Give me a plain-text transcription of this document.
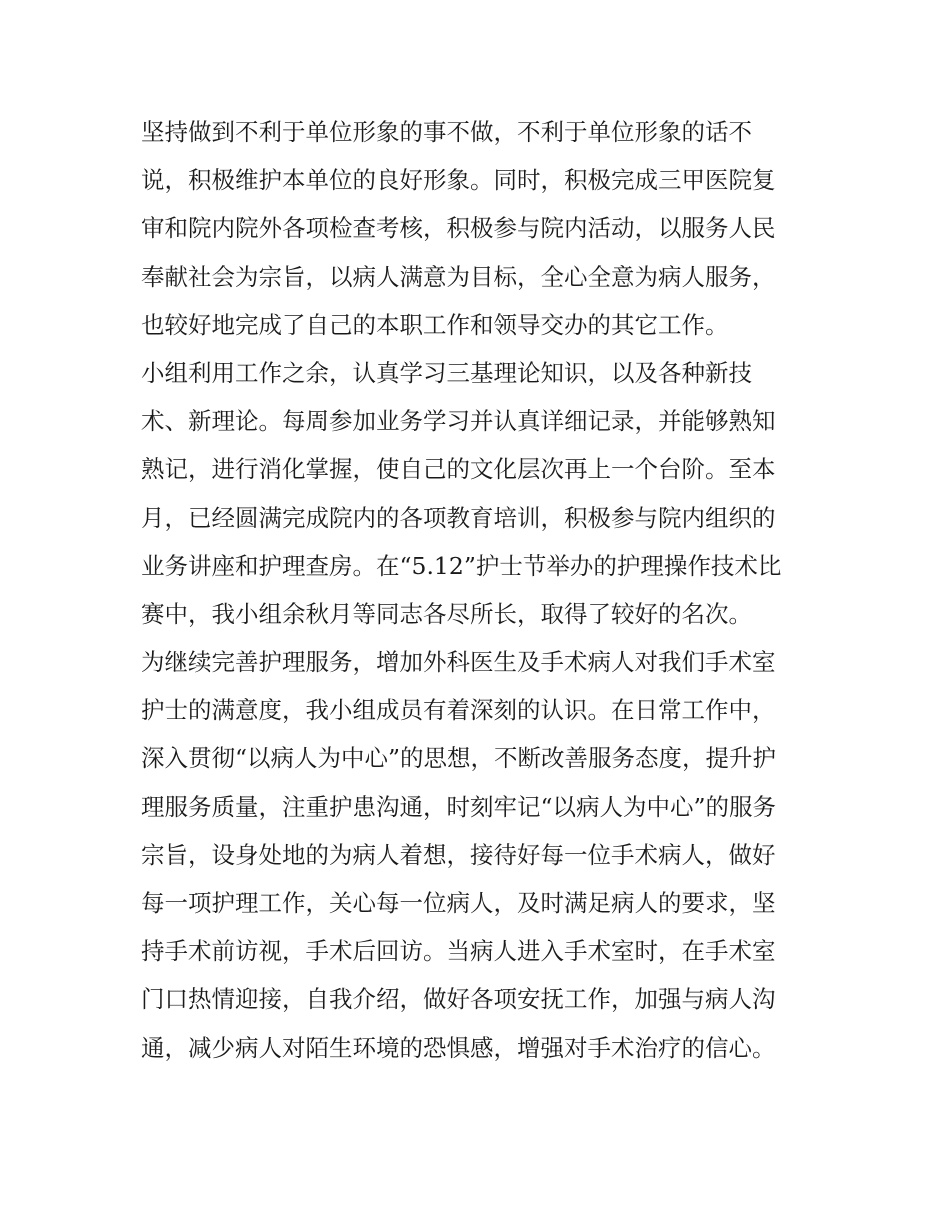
坚持做到不利于单位形象的事不做，不利于单位形象的话不
说，积极维护本单位的良好形象。同时，积极完成三甲医院复
审和院内院外各项检查考核，积极参与院内活动，以服务人民
奉献社会为宗旨，以病人满意为目标，全心全意为病人服务，
也较好地完成了自己的本职工作和领导交办的其它工作。
小组利用工作之余，认真学习三基理论知识，以及各种新技
术、新理论。每周参加业务学习并认真详细记录，并能够熟知
熟记，进行消化掌握，使自己的文化层次再上一个台阶。至本
月，已经圆满完成院内的各项教育培训，积极参与院内组织的
业务讲座和护理查房。在“5.12”护士节举办的护理操作技术比
赛中，我小组余秋月等同志各尽所长，取得了较好的名次。
为继续完善护理服务，增加外科医生及手术病人对我们手术室
护士的满意度，我小组成员有着深刻的认识。在日常工作中，
深入贯彻“以病人为中心”的思想，不断改善服务态度，提升护
理服务质量，注重护患沟通，时刻牢记“以病人为中心”的服务
宗旨，设身处地的为病人着想，接待好每一位手术病人，做好
每一项护理工作，关心每一位病人，及时满足病人的要求，坚
持手术前访视，手术后回访。当病人进入手术室时，在手术室
门口热情迎接，自我介绍，做好各项安抚工作，加强与病人沟
通，减少病人对陌生环境的恐惧感，增强对手术治疗的信心。
